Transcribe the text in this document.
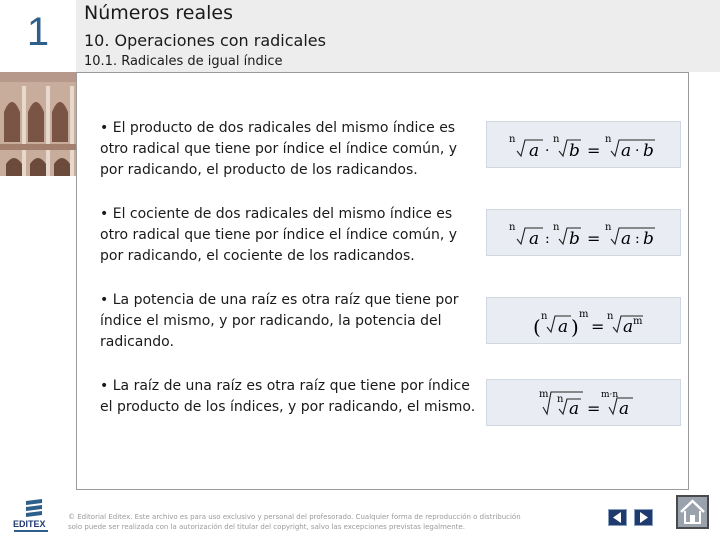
1	Números reales
10. Operaciones con radicales
10.1. Radicales de igual índice
• El producto de dos radicales del mismo índice es otro radical que tiene por índice el índice común, y por radicando, el producto de los radicandos.
n
a ·
n
b =
n
a · b
• El cociente de dos radicales del mismo índice es otro radical que tiene por índice el índice común, y por radicando, el cociente de los radicandos.
n
a :
n
b =
n
a : b
• La potencia de una raíz es otra raíz que tiene por índice el mismo, y por radicando, la potencia del radicando.
( n
a )
m
=
n
a m
• La raíz de una raíz es otra raíz que tiene por índice el producto de los índices, y por radicando, el mismo.
m n a =
m·n
a
EDITEX
© Editorial Editex. Este archivo es para uso exclusivo y personal del profesorado. Cualquier forma de reproducción o distribución
solo puede ser realizada con la autorización del titular del copyright, salvo las excepciones previstas legalmente.
